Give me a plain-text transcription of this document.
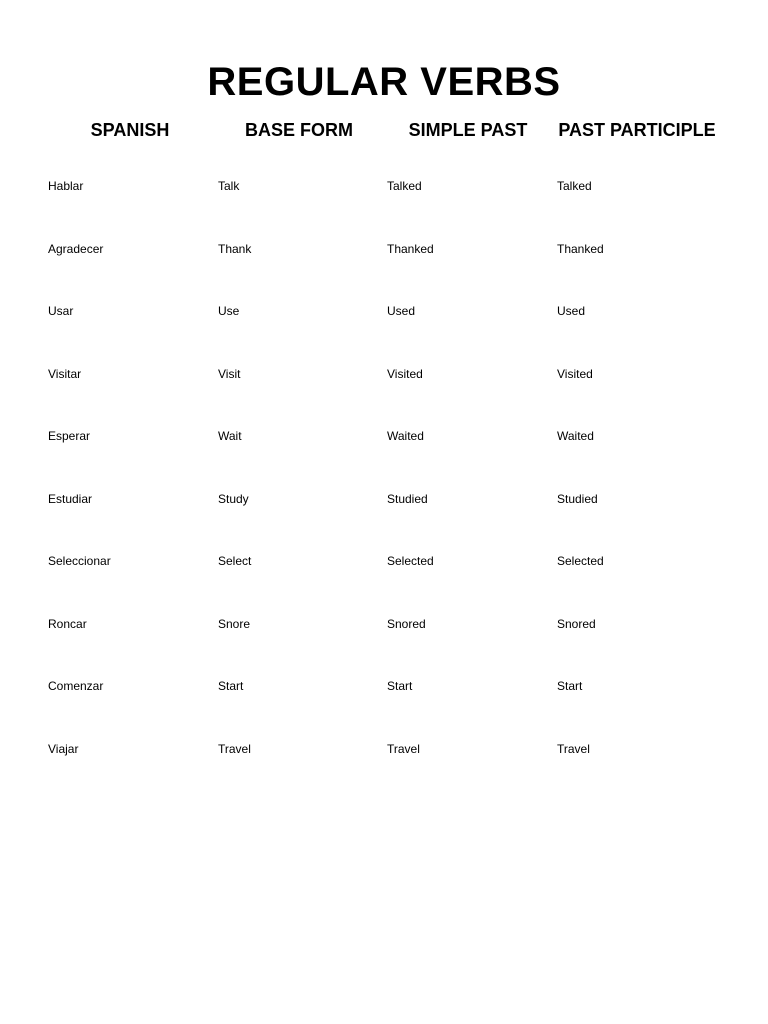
REGULAR VERBS
SPANISH	BASE FORM	SIMPLE PAST	PAST PARTICIPLE
Hablar	Talk	Talked	Talked
Agradecer	Thank	Thanked	Thanked
Usar	Use	Used	Used
Visitar	Visit	Visited	Visited
Esperar	Wait	Waited	Waited
Estudiar	Study	Studied	Studied
Seleccionar	Select	Selected	Selected
Roncar	Snore	Snored	Snored
Comenzar	Start	Start	Start
Viajar	Travel	Travel	Travel
